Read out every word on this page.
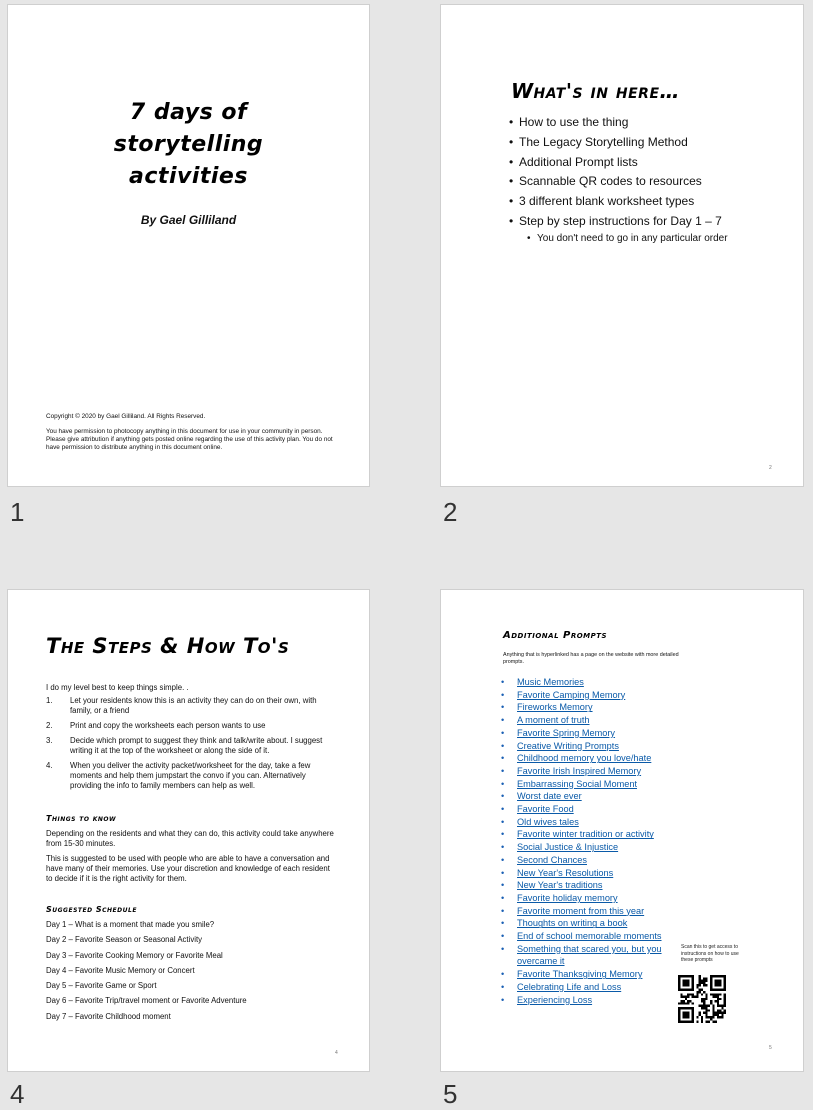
7 days of
storytelling
activities
By Gael Gilliland
Copyright © 2020 by Gael Gilliland. All Rights Reserved.
You have permission to photocopy anything in this document for use in your community in person. Please give attribution if anything gets posted online regarding the use of this activity plan. You do not have permission to distribute anything in this document online.
1
What's in here…
• How to use the thing
• The Legacy Storytelling Method
• Additional Prompt lists
• Scannable QR codes to resources
• 3 different blank worksheet types
• Step by step instructions for Day 1 – 7
• You don't need to go in any particular order
2
2
The Steps & How To's
I do my level best to keep things simple. .
1.	Let your residents know this is an activity they can do on their own, with family, or a friend
2.	Print and copy the worksheets each person wants to use
3.	Decide which prompt to suggest they think and talk/write about. I suggest writing it at the top of the worksheet or along the side of it.
4.	When you deliver the activity packet/worksheet for the day, take a few moments and help them jumpstart the convo if you can. Alternatively providing the info to family members can help as well.
Things to know
Depending on the residents and what they can do, this activity could take anywhere from 15-30 minutes.
This is suggested to be used with people who are able to have a conversation and have many of their memories. Use your discretion and knowledge of each resident to decide if it is the right activity for them.
Suggested Schedule
Day 1 – What is a moment that made you smile?
Day 2 – Favorite Season or Seasonal Activity
Day 3 – Favorite Cooking Memory or Favorite Meal
Day 4 – Favorite Music Memory or Concert
Day 5 – Favorite Game or Sport
Day 6 – Favorite Trip/travel moment or Favorite Adventure
Day 7 – Favorite Childhood moment
4
4
Additional Prompts
Anything that is hyperlinked has a page on the website with more detailed prompts.
•	Music Memories
•	Favorite Camping Memory
•	Fireworks Memory
•	A moment of truth
•	Favorite Spring Memory
•	Creative Writing Prompts
•	Childhood memory you love/hate
•	Favorite Irish Inspired Memory
•	Embarrassing Social Moment
•	Worst date ever
•	Favorite Food
•	Old wives tales
•	Favorite winter tradition or activity
•	Social Justice & Injustice
•	Second Chances
•	New Year's Resolutions
•	New Year's traditions
•	Favorite holiday memory
•	Favorite moment from this year
•	Thoughts on writing a book
•	End of school memorable moments
•	Something that scared you, but you overcame it
•	Favorite Thanksgiving Memory
•	Celebrating Life and Loss
•	Experiencing Loss
Scan this to get access to instructions on how to use these prompts
5
5
